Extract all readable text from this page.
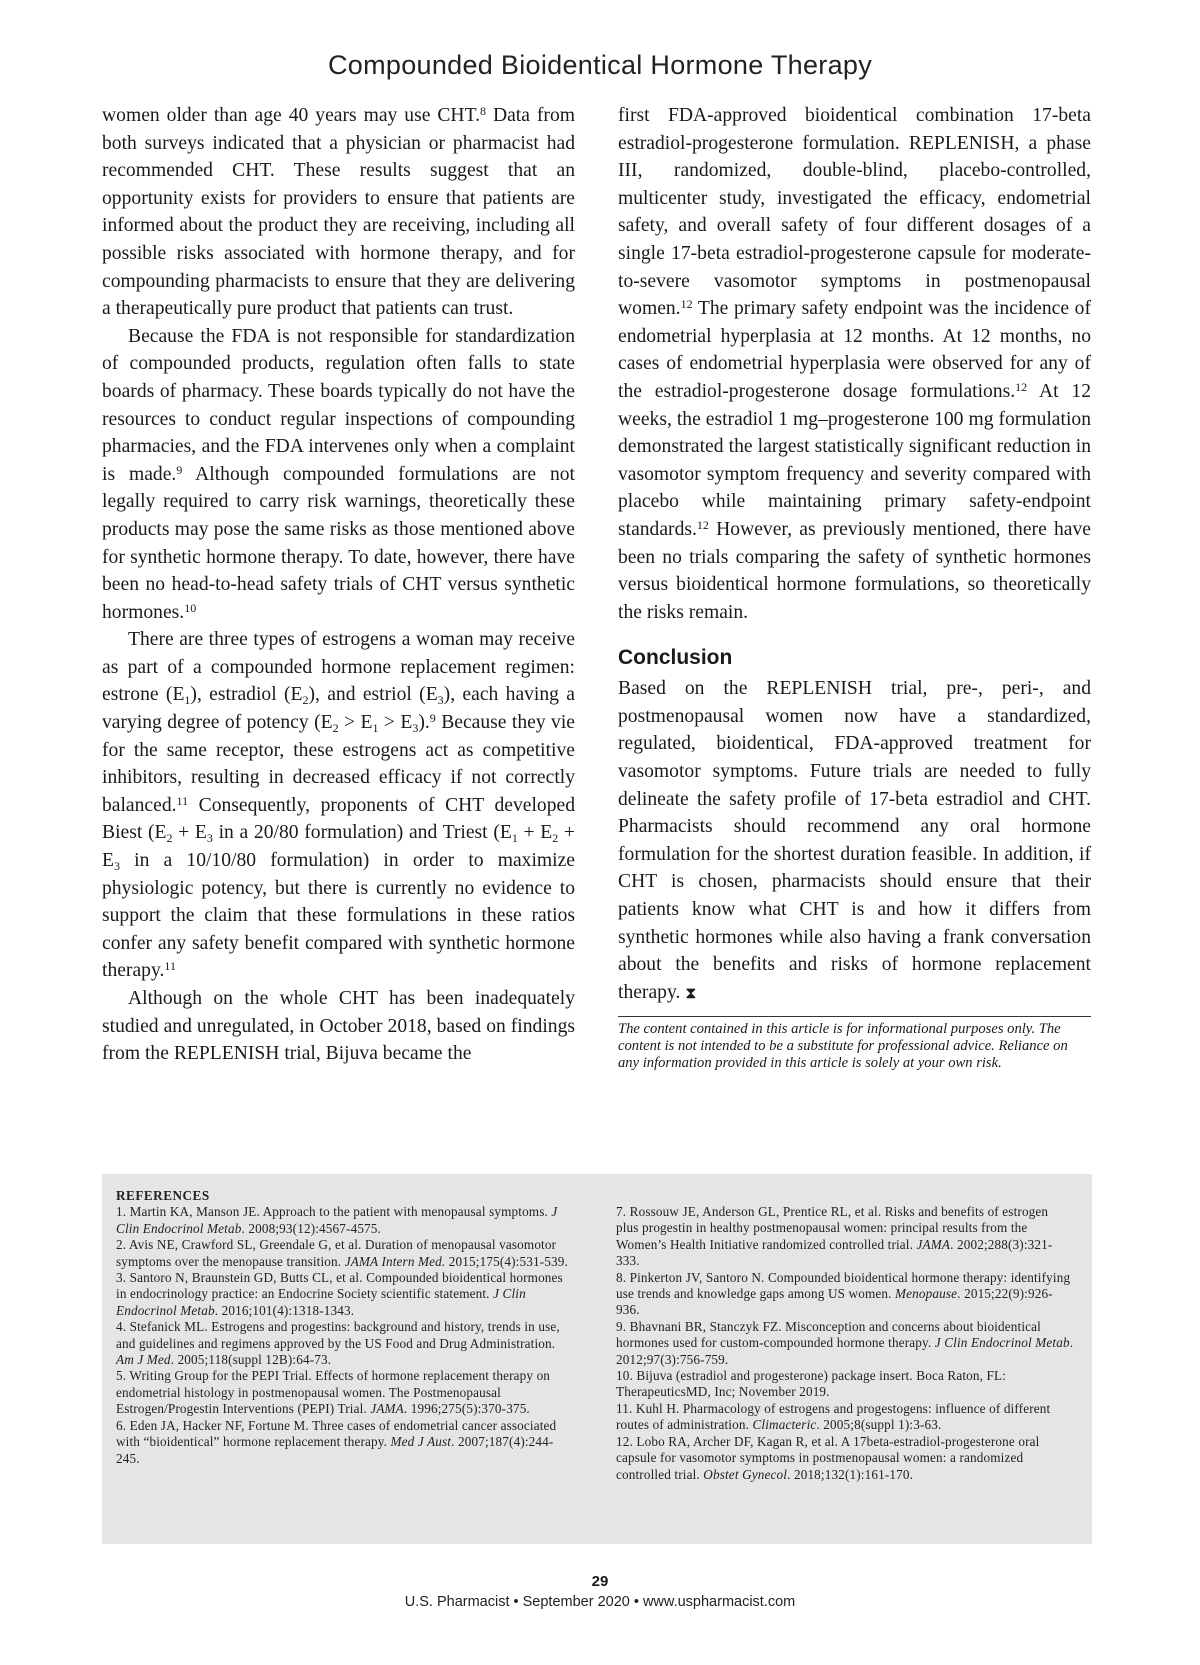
Compounded Bioidentical Hormone Therapy

women older than age 40 years may use CHT.$^8$ Data from both surveys indicated that a physician or pharmacist had recommended CHT. These results suggest that an opportunity exists for providers to ensure that patients are informed about the product they are receiving, including all possible risks associated with hormone therapy, and for compounding pharmacists to ensure that they are delivering a therapeutically pure product that patients can trust.

Because the FDA is not responsible for standardization of compounded products, regulation often falls to state boards of pharmacy. These boards typically do not have the resources to conduct regular inspections of compounding pharmacies, and the FDA intervenes only when a complaint is made.$^9$ Although compounded formulations are not legally required to carry risk warnings, theoretically these products may pose the same risks as those mentioned above for synthetic hormone therapy. To date, however, there have been no head-to-head safety trials of CHT versus synthetic hormones.$^{10}$

There are three types of estrogens a woman may receive as part of a compounded hormone replacement regimen: estrone $(E_1)$, estradiol $(E_2)$, and estriol $(E_3)$, each having a varying degree of potency $(E_2 > E_1 > E_3).^9$ Because they vie for the same receptor, these estrogens act as competitive inhibitors, resulting in decreased efficacy if not correctly balanced.$^{11}$ Consequently, proponents of CHT developed Biest ($E_2 + E_3$ in a 20/80 formulation) and Triest ($E_1 + E_2 + E_3$ in a 10/10/80 formulation) in order to maximize physiologic potency, but there is currently no evidence to support the claim that these formulations in these ratios confer any safety benefit compared with synthetic hormone therapy.$^{11}$

Although on the whole CHT has been inadequately studied and unregulated, in October 2018, based on findings from the REPLENISH trial, Bijuva became the

first FDA-approved bioidentical combination 17-beta estradiol-progesterone formulation. REPLENISH, a phase III, randomized, double-blind, placebo-controlled, multicenter study, investigated the efficacy, endometrial safety, and overall safety of four different dosages of a single 17-beta estradiol-progesterone capsule for moderate-to-severe vasomotor symptoms in postmenopausal women.$^{12}$ The primary safety endpoint was the incidence of endometrial hyperplasia at 12 months. At 12 months, no cases of endometrial hyperplasia were observed for any of the estradiol-progesterone dosage formulations.$^{12}$ At 12 weeks, the estradiol 1 mg–progesterone 100 mg formulation demonstrated the largest statistically significant reduction in vasomotor symptom frequency and severity compared with placebo while maintaining primary safety-endpoint standards.$^{12}$ However, as previously mentioned, there have been no trials comparing the safety of synthetic hormones versus bioidentical hormone formulations, so theoretically the risks remain.

Conclusion

Based on the REPLENISH trial, pre-, peri-, and postmenopausal women now have a standardized, regulated, bioidentical, FDA-approved treatment for vasomotor symptoms. Future trials are needed to fully delineate the safety profile of 17-beta estradiol and CHT. Pharmacists should recommend any oral hormone formulation for the shortest duration feasible. In addition, if CHT is chosen, pharmacists should ensure that their patients know what CHT is and how it differs from synthetic hormones while also having a frank conversation about the benefits and risks of hormone replacement therapy. ⧗

The content contained in this article is for informational purposes only. The content is not intended to be a substitute for professional advice. Reliance on any information provided in this article is solely at your own risk.
REFERENCES

1. Martin KA, Manson JE. Approach to the patient with menopausal symptoms. J Clin Endocrinol Metab. 2008;93(12):4567-4575.

2. Avis NE, Crawford SL, Greendale G, et al. Duration of menopausal vasomotor symptoms over the menopause transition. JAMA Intern Med. 2015;175(4):531-539.

3. Santoro N, Braunstein GD, Butts CL, et al. Compounded bioidentical hormones in endocrinology practice: an Endocrine Society scientific statement. J Clin Endocrinol Metab. 2016;101(4):1318-1343.

4. Stefanick ML. Estrogens and progestins: background and history, trends in use, and guidelines and regimens approved by the US Food and Drug Administration. Am J Med. 2005;118(suppl 12B):64-73.

5. Writing Group for the PEPI Trial. Effects of hormone replacement therapy on endometrial histology in postmenopausal women. The Postmenopausal Estrogen/Progestin Interventions (PEPI) Trial. JAMA. 1996;275(5):370-375.

6. Eden JA, Hacker NF, Fortune M. Three cases of endometrial cancer associated with “bioidentical” hormone replacement therapy. Med J Aust. 2007;187(4):244-245.

7. Rossouw JE, Anderson GL, Prentice RL, et al. Risks and benefits of estrogen plus progestin in healthy postmenopausal women: principal results from the Women’s Health Initiative randomized controlled trial. JAMA. 2002;288(3):321-333.

8. Pinkerton JV, Santoro N. Compounded bioidentical hormone therapy: identifying use trends and knowledge gaps among US women. Menopause. 2015;22(9):926-936.

9. Bhavnani BR, Stanczyk FZ. Misconception and concerns about bioidentical hormones used for custom-compounded hormone therapy. J Clin Endocrinol Metab. 2012;97(3):756-759.

10. Bijuva (estradiol and progesterone) package insert. Boca Raton, FL: TherapeuticsMD, Inc; November 2019.

11. Kuhl H. Pharmacology of estrogens and progestogens: influence of different routes of administration. Climacteric. 2005;8(suppl 1):3-63.

12. Lobo RA, Archer DF, Kagan R, et al. A 17beta-estradiol-progesterone oral capsule for vasomotor symptoms in postmenopausal women: a randomized controlled trial. Obstet Gynecol. 2018;132(1):161-170.

29
U.S. Pharmacist • September 2020 • www.uspharmacist.com
